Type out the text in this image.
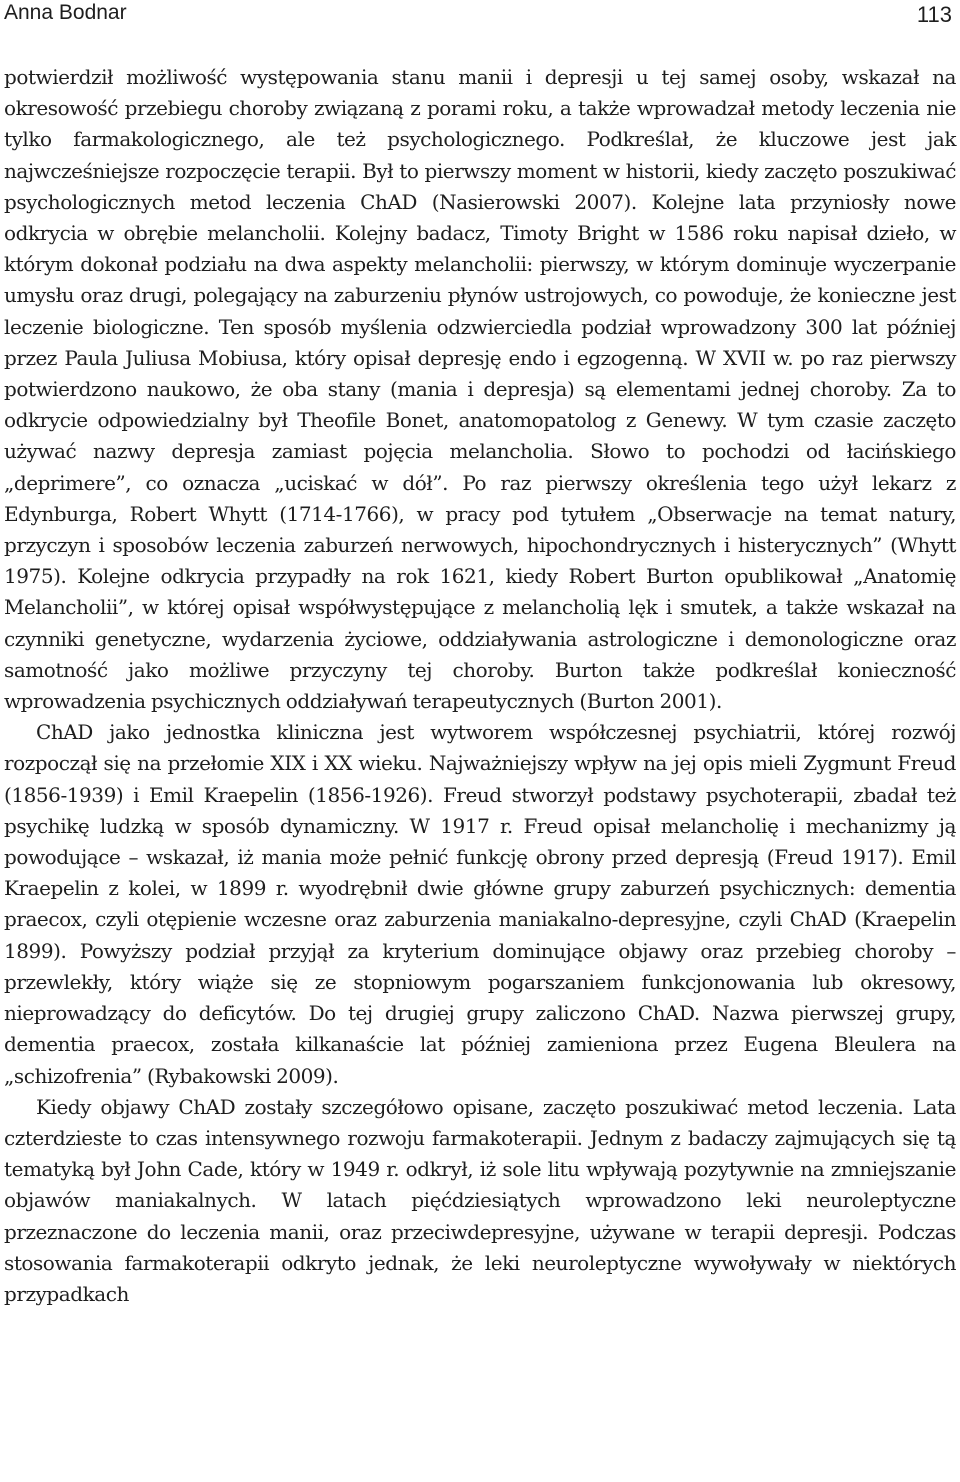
Anna Bodnar	113

potwierdził możliwość występowania stanu manii i depresji u tej samej osoby, wskazał na okresowość przebiegu choroby związaną z porami roku, a także wprowadzał metody leczenia nie tylko farmakologicznego, ale też psychologicznego. Podkreślał, że kluczowe jest jak najwcześniejsze rozpoczęcie terapii. Był to pierwszy moment w historii, kiedy zaczęto poszukiwać psychologicznych metod leczenia ChAD (Nasierowski 2007). Kolejne lata przyniosły nowe odkrycia w obrębie melancholii. Kolejny badacz, Timoty Bright w 1586 roku napisał dzieło, w którym dokonał podziału na dwa aspekty melancholii: pierwszy, w którym dominuje wyczerpanie umysłu oraz drugi, polegający na zaburzeniu płynów ustrojowych, co powoduje, że konieczne jest leczenie biologiczne. Ten sposób myślenia odzwierciedla podział wprowadzony 300 lat później przez Paula Juliusa Mobiusa, który opisał depresję endo i egzogenną. W XVII w. po raz pierwszy potwierdzono naukowo, że oba stany (mania i depresja) są elementami jednej choroby. Za to odkrycie odpowiedzialny był Theofile Bonet, anatomopatolog z Genewy. W tym czasie zaczęto używać nazwy depresja zamiast pojęcia melancholia. Słowo to pochodzi od łacińskiego „deprimere”, co oznacza „uciskać w dół”. Po raz pierwszy określenia tego użył lekarz z Edynburga, Robert Whytt (1714-1766), w pracy pod tytułem „Obserwacje na temat natury, przyczyn i sposobów leczenia zaburzeń nerwowych, hipochondrycznych i histerycznych” (Whytt 1975). Kolejne odkrycia przypadły na rok 1621, kiedy Robert Burton opublikował „Anatomię Melancholii”, w której opisał współwystępujące z melancholią lęk i smutek, a także wskazał na czynniki genetyczne, wydarzenia życiowe, oddziaływania astrologiczne i demonologiczne oraz samotność jako możliwe przyczyny tej choroby. Burton także podkreślał konieczność wprowadzenia psychicznych oddziaływań terapeutycznych (Burton 2001).

ChAD jako jednostka kliniczna jest wytworem współczesnej psychiatrii, której rozwój rozpoczął się na przełomie XIX i XX wieku. Najważniejszy wpływ na jej opis mieli Zygmunt Freud (1856-1939) i Emil Kraepelin (1856-1926). Freud stworzył podstawy psychoterapii, zbadał też psychikę ludzką w sposób dynamiczny. W 1917 r. Freud opisał melancholię i mechanizmy ją powodujące – wskazał, iż mania może pełnić funkcję obrony przed depresją (Freud 1917). Emil Kraepelin z kolei, w 1899 r. wyodrębnił dwie główne grupy zaburzeń psychicznych: dementia praecox, czyli otępienie wczesne oraz zaburzenia maniakalno-depresyjne, czyli ChAD (Kraepelin 1899). Powyższy podział przyjął za kryterium dominujące objawy oraz przebieg choroby – przewlekły, który wiąże się ze stopniowym pogarszaniem funkcjonowania lub okresowy, nieprowadzący do deficytów. Do tej drugiej grupy zaliczono ChAD. Nazwa pierwszej grupy, dementia praecox, została kilkanaście lat później zamieniona przez Eugena Bleulera na „schizofrenia” (Rybakowski 2009).

Kiedy objawy ChAD zostały szczegółowo opisane, zaczęto poszukiwać metod leczenia. Lata czterdzieste to czas intensywnego rozwoju farmakoterapii. Jednym z badaczy zajmujących się tą tematyką był John Cade, który w 1949 r. odkrył, iż sole litu wpływają pozytywnie na zmniejszanie objawów maniakalnych. W latach pięćdziesiątych wprowadzono leki neuroleptyczne przeznaczone do leczenia manii, oraz przeciwdepresyjne, używane w terapii depresji. Podczas stosowania farmakoterapii odkryto jednak, że leki neuroleptyczne wywoływały w niektórych przypadkach
